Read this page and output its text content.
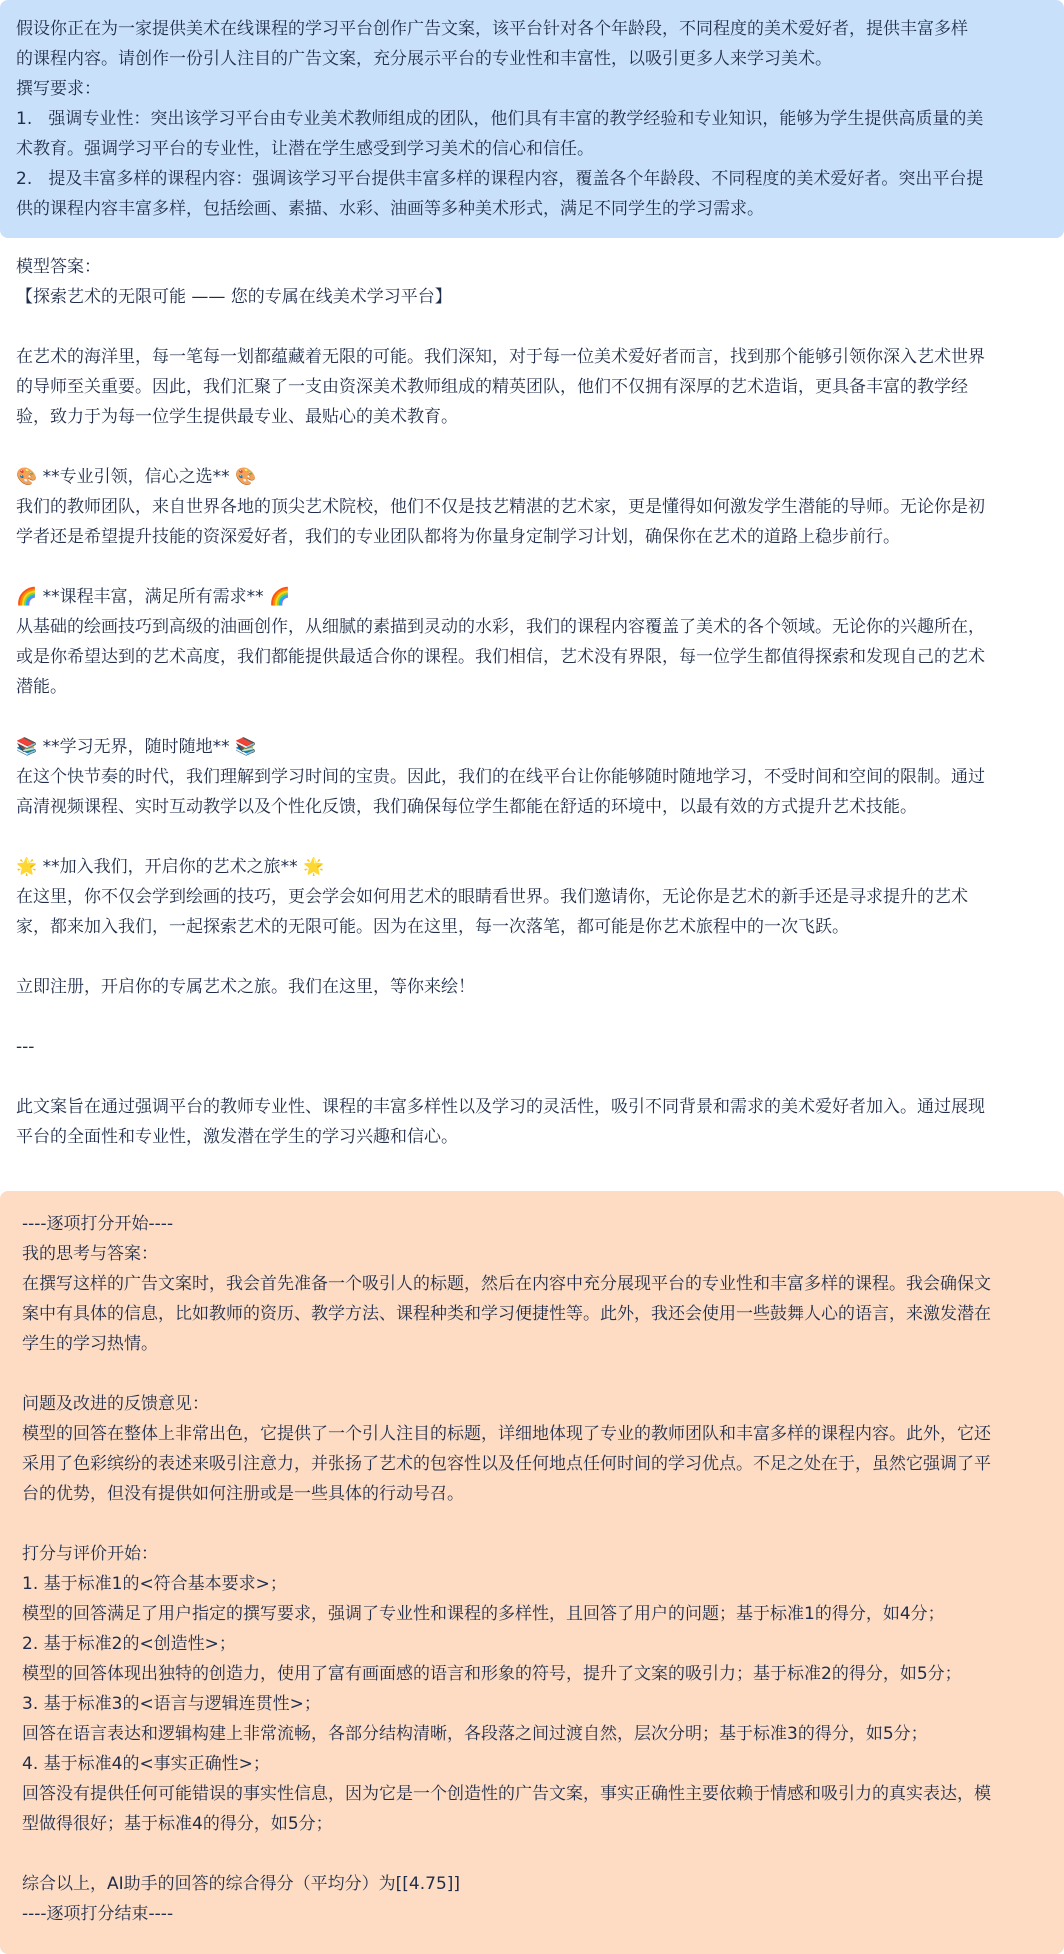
假设你正在为一家提供美术在线课程的学习平台创作广告文案，该平台针对各个年龄段，不同程度的美术爱好者，提供丰富多样

的课程内容。请创作一份引人注目的广告文案，充分展示平台的专业性和丰富性，以吸引更多人来学习美术。

撰写要求：

1.   强调专业性：突出该学习平台由专业美术教师组成的团队，他们具有丰富的教学经验和专业知识，能够为学生提供高质量的美

术教育。强调学习平台的专业性，让潜在学生感受到学习美术的信心和信任。

2.   提及丰富多样的课程内容：强调该学习平台提供丰富多样的课程内容，覆盖各个年龄段、不同程度的美术爱好者。突出平台提

供的课程内容丰富多样，包括绘画、素描、水彩、油画等多种美术形式，满足不同学生的学习需求。

模型答案：

【探索艺术的无限可能 —— 您的专属在线美术学习平台】

在艺术的海洋里，每一笔每一划都蕴藏着无限的可能。我们深知，对于每一位美术爱好者而言，找到那个能够引领你深入艺术世界

的导师至关重要。因此，我们汇聚了一支由资深美术教师组成的精英团队，他们不仅拥有深厚的艺术造诣，更具备丰富的教学经

验，致力于为每一位学生提供最专业、最贴心的美术教育。

🎨 **专业引领，信心之选** 🎨

我们的教师团队，来自世界各地的顶尖艺术院校，他们不仅是技艺精湛的艺术家，更是懂得如何激发学生潜能的导师。无论你是初

学者还是希望提升技能的资深爱好者，我们的专业团队都将为你量身定制学习计划，确保你在艺术的道路上稳步前行。

🌈 **课程丰富，满足所有需求** 🌈

从基础的绘画技巧到高级的油画创作，从细腻的素描到灵动的水彩，我们的课程内容覆盖了美术的各个领域。无论你的兴趣所在，

或是你希望达到的艺术高度，我们都能提供最适合你的课程。我们相信，艺术没有界限，每一位学生都值得探索和发现自己的艺术

潜能。

📚 **学习无界，随时随地** 📚

在这个快节奏的时代，我们理解到学习时间的宝贵。因此，我们的在线平台让你能够随时随地学习，不受时间和空间的限制。通过

高清视频课程、实时互动教学以及个性化反馈，我们确保每位学生都能在舒适的环境中，以最有效的方式提升艺术技能。

🌟 **加入我们，开启你的艺术之旅** 🌟

在这里，你不仅会学到绘画的技巧，更会学会如何用艺术的眼睛看世界。我们邀请你，无论你是艺术的新手还是寻求提升的艺术

家，都来加入我们，一起探索艺术的无限可能。因为在这里，每一次落笔，都可能是你艺术旅程中的一次飞跃。

立即注册，开启你的专属艺术之旅。我们在这里，等你来绘！

---

此文案旨在通过强调平台的教师专业性、课程的丰富多样性以及学习的灵活性，吸引不同背景和需求的美术爱好者加入。通过展现

平台的全面性和专业性，激发潜在学生的学习兴趣和信心。

----逐项打分开始----

我的思考与答案：

在撰写这样的广告文案时，我会首先准备一个吸引人的标题，然后在内容中充分展现平台的专业性和丰富多样的课程。我会确保文

案中有具体的信息，比如教师的资历、教学方法、课程种类和学习便捷性等。此外，我还会使用一些鼓舞人心的语言，来激发潜在

学生的学习热情。

问题及改进的反馈意见：

模型的回答在整体上非常出色，它提供了一个引人注目的标题，详细地体现了专业的教师团队和丰富多样的课程内容。此外，它还

采用了色彩缤纷的表述来吸引注意力，并张扬了艺术的包容性以及任何地点任何时间的学习优点。不足之处在于，虽然它强调了平

台的优势，但没有提供如何注册或是一些具体的行动号召。

打分与评价开始：

1. 基于标准1的<符合基本要求>；

模型的回答满足了用户指定的撰写要求，强调了专业性和课程的多样性，且回答了用户的问题；基于标准1的得分，如4分；

2. 基于标准2的<创造性>；

模型的回答体现出独特的创造力，使用了富有画面感的语言和形象的符号，提升了文案的吸引力；基于标准2的得分，如5分；

3. 基于标准3的<语言与逻辑连贯性>；

回答在语言表达和逻辑构建上非常流畅，各部分结构清晰，各段落之间过渡自然，层次分明；基于标准3的得分，如5分；

4. 基于标准4的<事实正确性>；

回答没有提供任何可能错误的事实性信息，因为它是一个创造性的广告文案，事实正确性主要依赖于情感和吸引力的真实表达，模

型做得很好；基于标准4的得分，如5分；

综合以上，AI助手的回答的综合得分（平均分）为[[4.75]]

----逐项打分结束----
